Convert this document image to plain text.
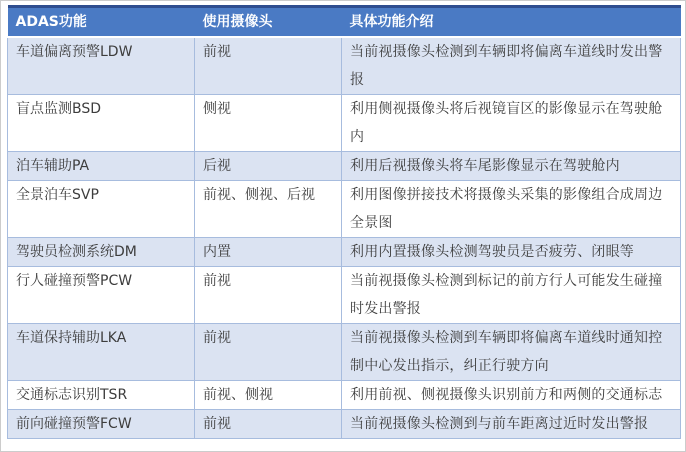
ADAS功能	使用摄像头	具体功能介绍
车道偏离预警LDW	前视	当前视摄像头检测到车辆即将偏离车道线时发出警报
盲点监测BSD	侧视	利用侧视摄像头将后视镜盲区的影像显示在驾驶舱内
泊车辅助PA	后视	利用后视摄像头将车尾影像显示在驾驶舱内
全景泊车SVP	前视、侧视、后视	利用图像拼接技术将摄像头采集的影像组合成周边全景图
驾驶员检测系统DM	内置	利用内置摄像头检测驾驶员是否疲劳、闭眼等
行人碰撞预警PCW	前视	当前视摄像头检测到标记的前方行人可能发生碰撞时发出警报
车道保持辅助LKA	前视	当前视摄像头检测到车辆即将偏离车道线时通知控制中心发出指示，纠正行驶方向
交通标志识别TSR	前视、侧视	利用前视、侧视摄像头识别前方和两侧的交通标志
前向碰撞预警FCW	前视	当前视摄像头检测到与前车距离过近时发出警报
